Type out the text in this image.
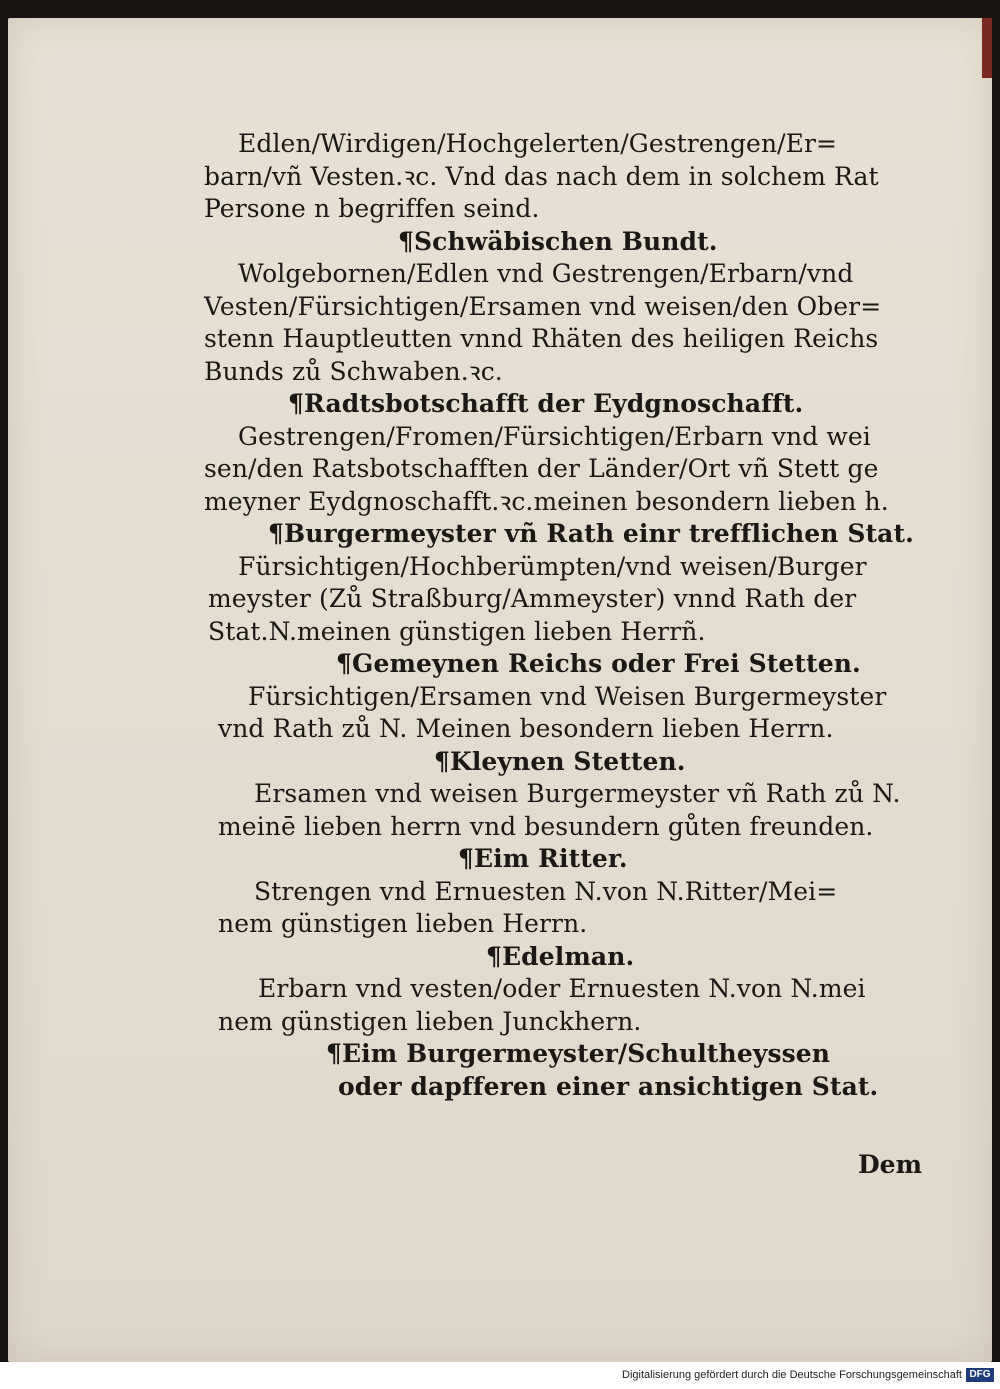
Edlen/Wirdigen/Hochgelerten/Gestrengen/Er=
barn/vñ Vesten.ꝛc. Vnd das nach dem in solchem Rat
Persone n begriffen seind.
¶Schwäbischen Bundt.
Wolgebornen/Edlen vnd Gestrengen/Erbarn/vnd
Vesten/Fürsichtigen/Ersamen vnd weisen/den Ober=
stenn Hauptleutten vnnd Rhäten des heiligen Reichs
Bunds zů Schwaben.ꝛc.
¶Radtsbotschafft der Eydgnoschafft.
Gestrengen/Fromen/Fürsichtigen/Erbarn vnd wei
sen/den Ratsbotschafften der Länder/Ort vñ Stett ge
meyner Eydgnoschafft.ꝛc.meinen besondern lieben h.
¶Burgermeyster vñ Rath einr trefflichen Stat.
Fürsichtigen/Hochberümpten/vnd weisen/Burger
meyster (Zů Straßburg/Ammeyster) vnnd Rath der
Stat.N.meinen günstigen lieben Herrñ.
¶Gemeynen Reichs oder Frei Stetten.
Fürsichtigen/Ersamen vnd Weisen Burgermeyster
vnd Rath zů N. Meinen besondern lieben Herrn.
¶Kleynen Stetten.
Ersamen vnd weisen Burgermeyster vñ Rath zů N.
meinē lieben herrn vnd besundern gůten freunden.
¶Eim Ritter.
Strengen vnd Ernuesten N.von N.Ritter/Mei=
nem günstigen lieben Herrn.
¶Edelman.
Erbarn vnd vesten/oder Ernuesten N.von N.mei
nem günstigen lieben Junckhern.
¶Eim Burgermeyster/Schultheyssen
oder dapfferen einer ansichtigen Stat.
Dem
Digitalisierung gefördert durch die Deutsche Forschungsgemeinschaft DFG
